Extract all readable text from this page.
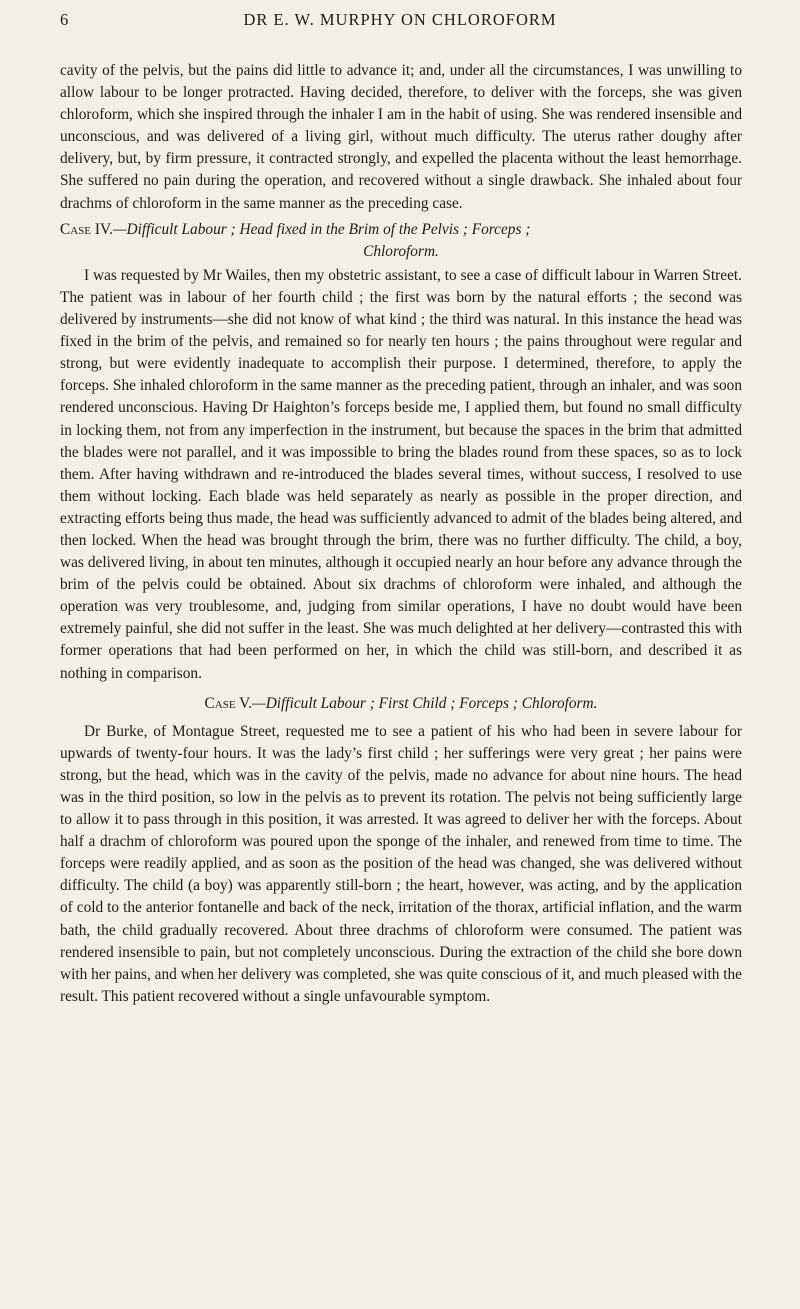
6	DR E. W. MURPHY ON CHLOROFORM

cavity of the pelvis, but the pains did little to advance it; and, under all the circumstances, I was unwilling to allow labour to be longer protracted. Having decided, therefore, to deliver with the forceps, she was given chloroform, which she inspired through the inhaler I am in the habit of using. She was rendered insensible and unconscious, and was delivered of a living girl, without much difficulty. The uterus rather doughy after delivery, but, by firm pressure, it contracted strongly, and expelled the placenta without the least hemorrhage. She suffered no pain during the operation, and recovered without a single drawback. She inhaled about four drachms of chloroform in the same manner as the preceding case.

Case IV.—Difficult Labour ; Head fixed in the Brim of the Pelvis ; Forceps ;
Chloroform.

I was requested by Mr Wailes, then my obstetric assistant, to see a case of difficult labour in Warren Street. The patient was in labour of her fourth child ; the first was born by the natural efforts ; the second was delivered by instruments—she did not know of what kind ; the third was natural. In this instance the head was fixed in the brim of the pelvis, and remained so for nearly ten hours ; the pains throughout were regular and strong, but were evidently inadequate to accomplish their purpose. I determined, therefore, to apply the forceps. She inhaled chloroform in the same manner as the preceding patient, through an inhaler, and was soon rendered unconscious. Having Dr Haighton’s forceps beside me, I applied them, but found no small difficulty in locking them, not from any imperfection in the instrument, but because the spaces in the brim that admitted the blades were not parallel, and it was impossible to bring the blades round from these spaces, so as to lock them. After having withdrawn and re-introduced the blades several times, without success, I resolved to use them without locking. Each blade was held separately as nearly as possible in the proper direction, and extracting efforts being thus made, the head was sufficiently advanced to admit of the blades being altered, and then locked. When the head was brought through the brim, there was no further difficulty. The child, a boy, was delivered living, in about ten minutes, although it occupied nearly an hour before any advance through the brim of the pelvis could be obtained. About six drachms of chloroform were inhaled, and although the operation was very troublesome, and, judging from similar operations, I have no doubt would have been extremely painful, she did not suffer in the least. She was much delighted at her delivery—contrasted this with former operations that had been performed on her, in which the child was still-born, and described it as nothing in comparison.

Case V.—Difficult Labour ; First Child ; Forceps ; Chloroform.

Dr Burke, of Montague Street, requested me to see a patient of his who had been in severe labour for upwards of twenty-four hours. It was the lady’s first child ; her sufferings were very great ; her pains were strong, but the head, which was in the cavity of the pelvis, made no advance for about nine hours. The head was in the third position, so low in the pelvis as to prevent its rotation. The pelvis not being sufficiently large to allow it to pass through in this position, it was arrested. It was agreed to deliver her with the forceps. About half a drachm of chloroform was poured upon the sponge of the inhaler, and renewed from time to time. The forceps were readily applied, and as soon as the position of the head was changed, she was delivered without difficulty. The child (a boy) was apparently still-born ; the heart, however, was acting, and by the application of cold to the anterior fontanelle and back of the neck, irritation of the thorax, artificial inflation, and the warm bath, the child gradually recovered. About three drachms of chloroform were consumed. The patient was rendered insensible to pain, but not completely unconscious. During the extraction of the child she bore down with her pains, and when her delivery was completed, she was quite conscious of it, and much pleased with the result. This patient recovered without a single unfavourable symptom.
